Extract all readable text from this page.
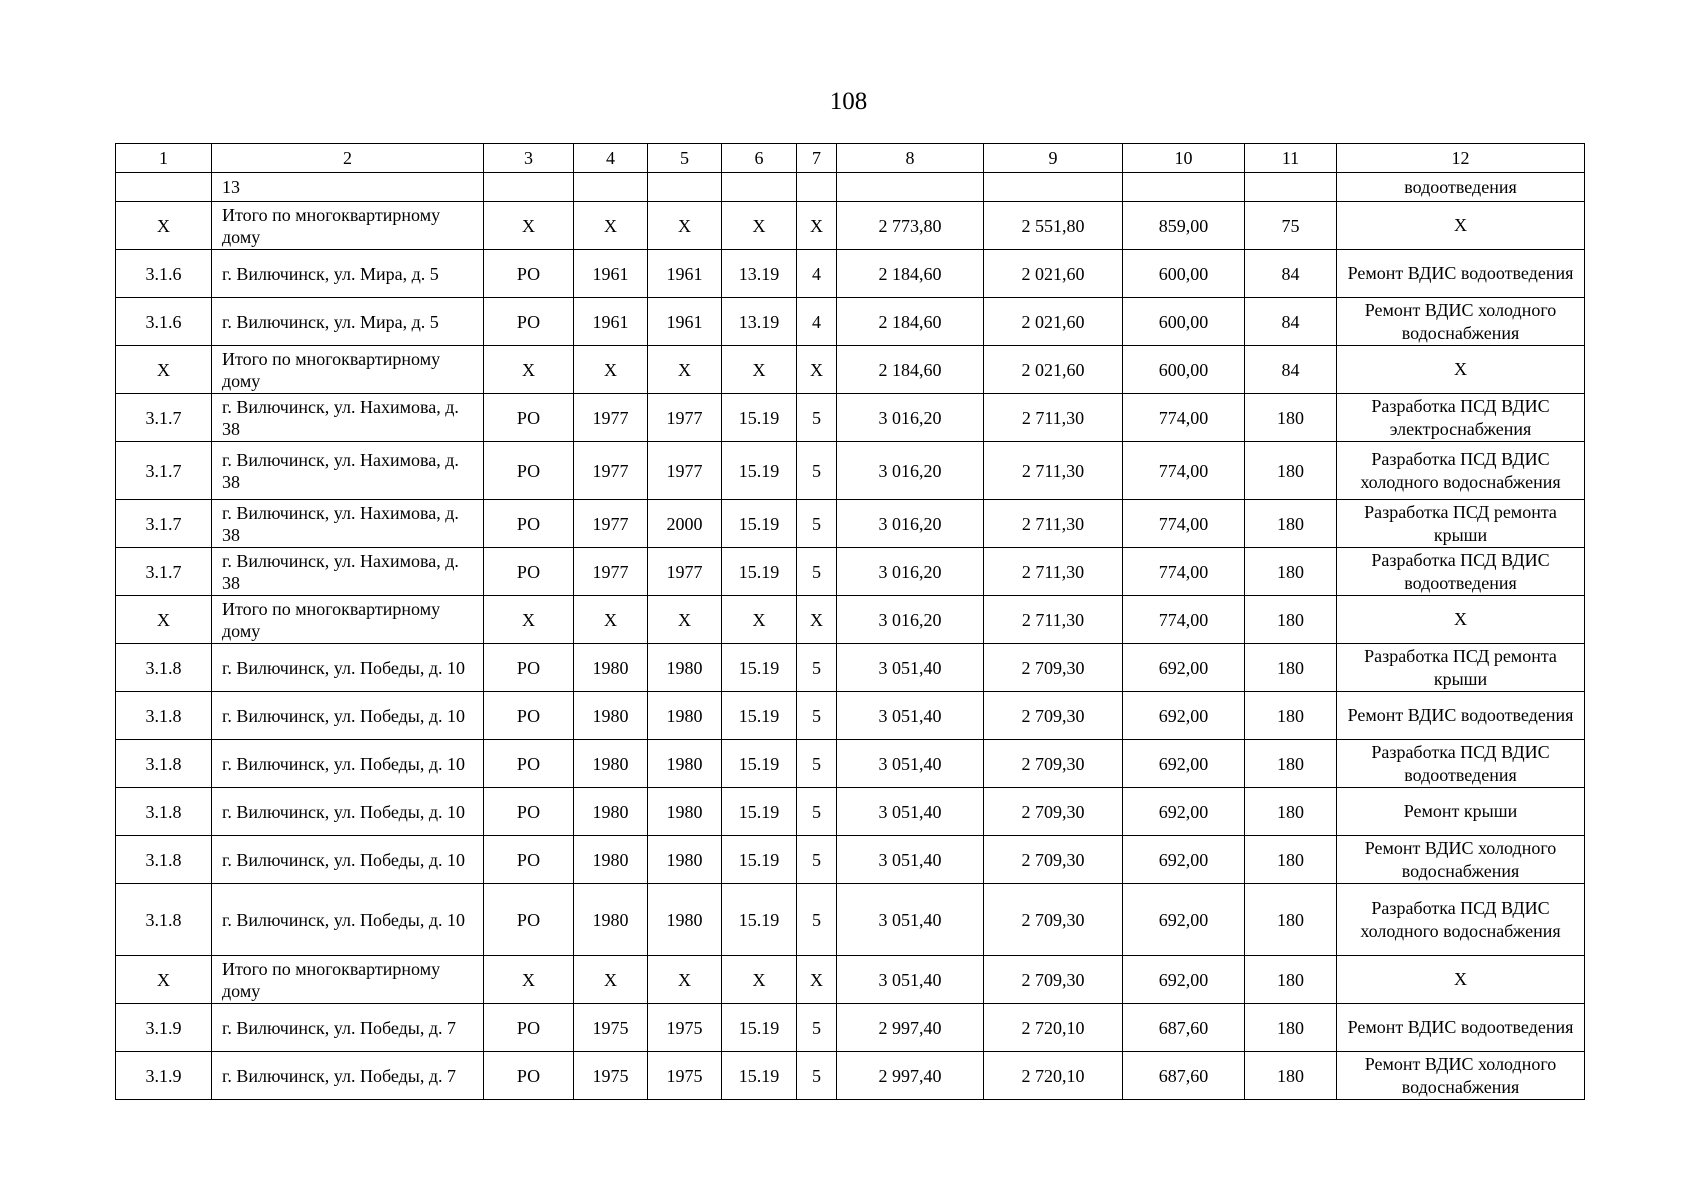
108
1	2	3	4	5	6	7	8	9	10	11	12
	13										водоотведения
X	Итого по многоквартирному дому	X	X	X	X	X	2 773,80	2 551,80	859,00	75	X
3.1.6	г. Вилючинск, ул. Мира, д. 5	РО	1961	1961	13.19	4	2 184,60	2 021,60	600,00	84	Ремонт ВДИС водоотведения
3.1.6	г. Вилючинск, ул. Мира, д. 5	РО	1961	1961	13.19	4	2 184,60	2 021,60	600,00	84	Ремонт ВДИС холодного водоснабжения
X	Итого по многоквартирному дому	X	X	X	X	X	2 184,60	2 021,60	600,00	84	X
3.1.7	г. Вилючинск, ул. Нахимова, д. 38	РО	1977	1977	15.19	5	3 016,20	2 711,30	774,00	180	Разработка ПСД ВДИС электроснабжения
3.1.7	г. Вилючинск, ул. Нахимова, д. 38	РО	1977	1977	15.19	5	3 016,20	2 711,30	774,00	180	Разработка ПСД ВДИС холодного водоснабжения
3.1.7	г. Вилючинск, ул. Нахимова, д. 38	РО	1977	2000	15.19	5	3 016,20	2 711,30	774,00	180	Разработка ПСД ремонта крыши
3.1.7	г. Вилючинск, ул. Нахимова, д. 38	РО	1977	1977	15.19	5	3 016,20	2 711,30	774,00	180	Разработка ПСД ВДИС водоотведения
X	Итого по многоквартирному дому	X	X	X	X	X	3 016,20	2 711,30	774,00	180	X
3.1.8	г. Вилючинск, ул. Победы, д. 10	РО	1980	1980	15.19	5	3 051,40	2 709,30	692,00	180	Разработка ПСД ремонта крыши
3.1.8	г. Вилючинск, ул. Победы, д. 10	РО	1980	1980	15.19	5	3 051,40	2 709,30	692,00	180	Ремонт ВДИС водоотведения
3.1.8	г. Вилючинск, ул. Победы, д. 10	РО	1980	1980	15.19	5	3 051,40	2 709,30	692,00	180	Разработка ПСД ВДИС водоотведения
3.1.8	г. Вилючинск, ул. Победы, д. 10	РО	1980	1980	15.19	5	3 051,40	2 709,30	692,00	180	Ремонт крыши
3.1.8	г. Вилючинск, ул. Победы, д. 10	РО	1980	1980	15.19	5	3 051,40	2 709,30	692,00	180	Ремонт ВДИС холодного водоснабжения
3.1.8	г. Вилючинск, ул. Победы, д. 10	РО	1980	1980	15.19	5	3 051,40	2 709,30	692,00	180	Разработка ПСД ВДИС холодного водоснабжения
X	Итого по многоквартирному дому	X	X	X	X	X	3 051,40	2 709,30	692,00	180	X
3.1.9	г. Вилючинск, ул. Победы, д. 7	РО	1975	1975	15.19	5	2 997,40	2 720,10	687,60	180	Ремонт ВДИС водоотведения
3.1.9	г. Вилючинск, ул. Победы, д. 7	РО	1975	1975	15.19	5	2 997,40	2 720,10	687,60	180	Ремонт ВДИС холодного водоснабжения
